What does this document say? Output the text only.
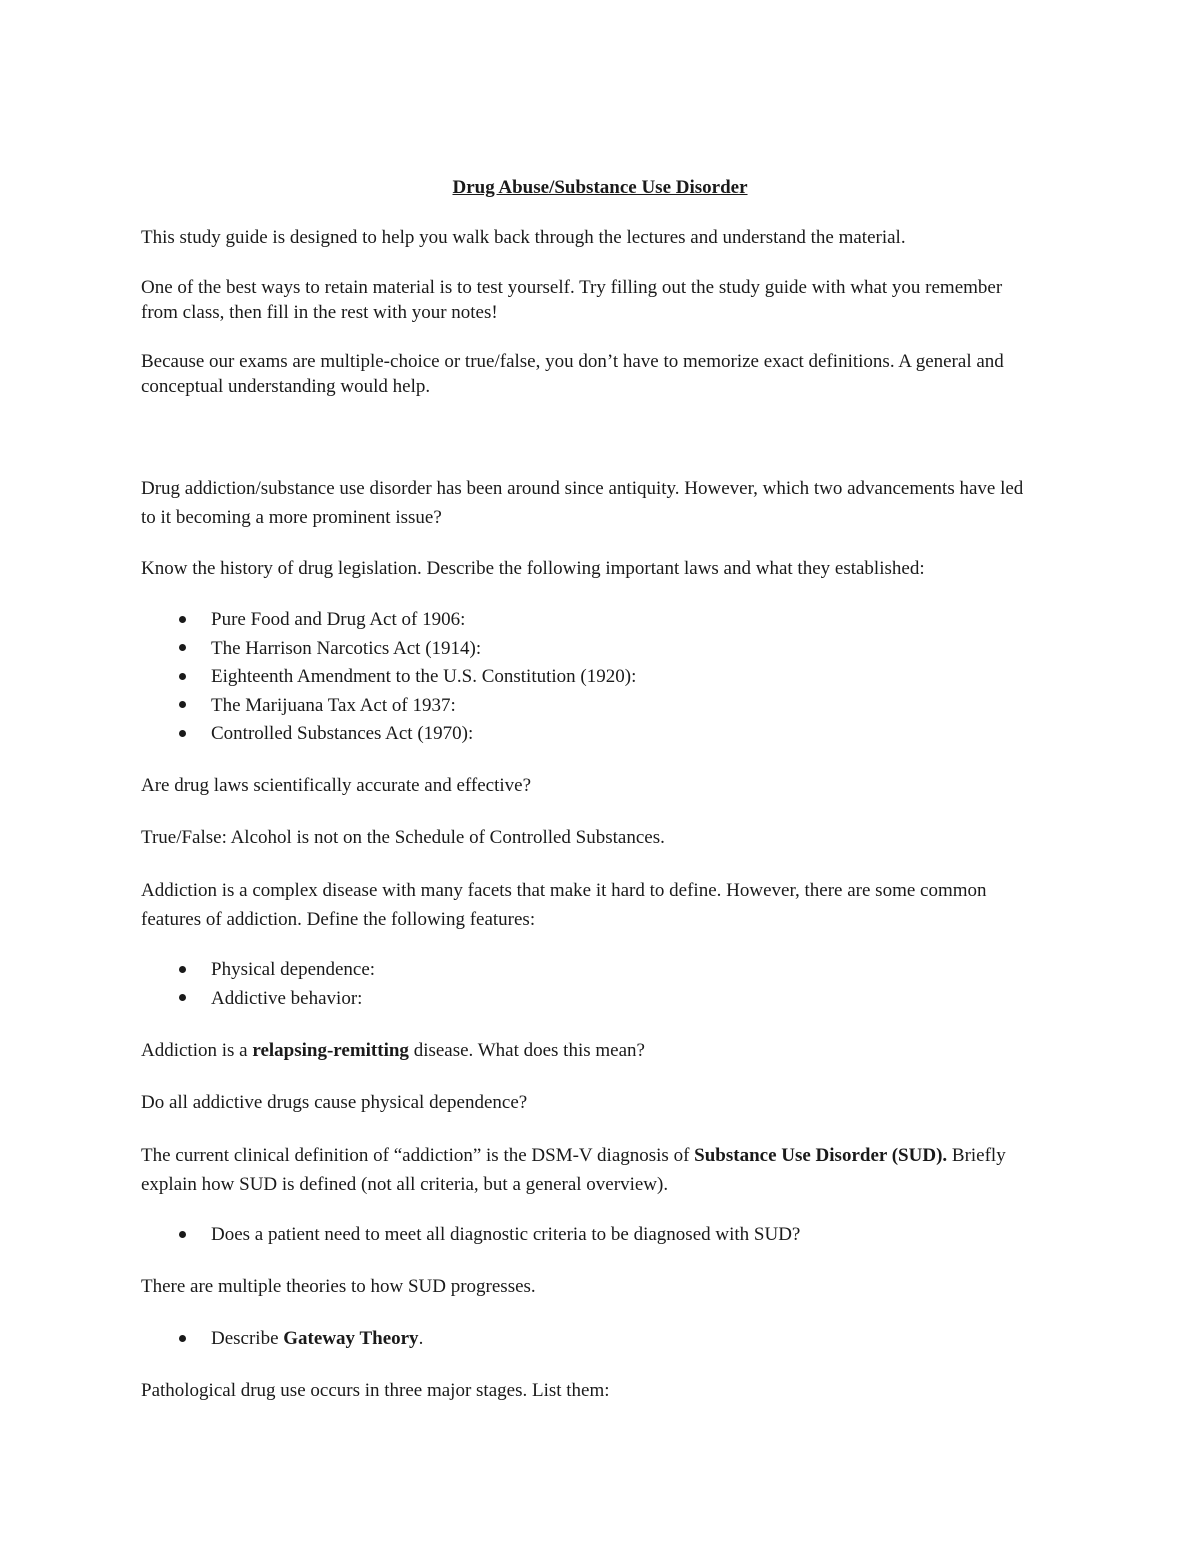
Drug Abuse/Substance Use Disorder

This study guide is designed to help you walk back through the lectures and understand the material.

One of the best ways to retain material is to test yourself. Try filling out the study guide with what you remember from class, then fill in the rest with your notes!

Because our exams are multiple-choice or true/false, you don’t have to memorize exact definitions. A general and conceptual understanding would help.

Drug addiction/substance use disorder has been around since antiquity. However, which two advancements have led to it becoming a more prominent issue?

Know the history of drug legislation. Describe the following important laws and what they established:

Pure Food and Drug Act of 1906:
The Harrison Narcotics Act (1914):
Eighteenth Amendment to the U.S. Constitution (1920):
The Marijuana Tax Act of 1937:
Controlled Substances Act (1970):

Are drug laws scientifically accurate and effective?

True/False: Alcohol is not on the Schedule of Controlled Substances.

Addiction is a complex disease with many facets that make it hard to define. However, there are some common features of addiction. Define the following features:

Physical dependence:
Addictive behavior:

Addiction is a relapsing-remitting disease. What does this mean?

Do all addictive drugs cause physical dependence?

The current clinical definition of “addiction” is the DSM-V diagnosis of Substance Use Disorder (SUD). Briefly explain how SUD is defined (not all criteria, but a general overview).

Does a patient need to meet all diagnostic criteria to be diagnosed with SUD?

There are multiple theories to how SUD progresses.

Describe Gateway Theory.

Pathological drug use occurs in three major stages. List them:
